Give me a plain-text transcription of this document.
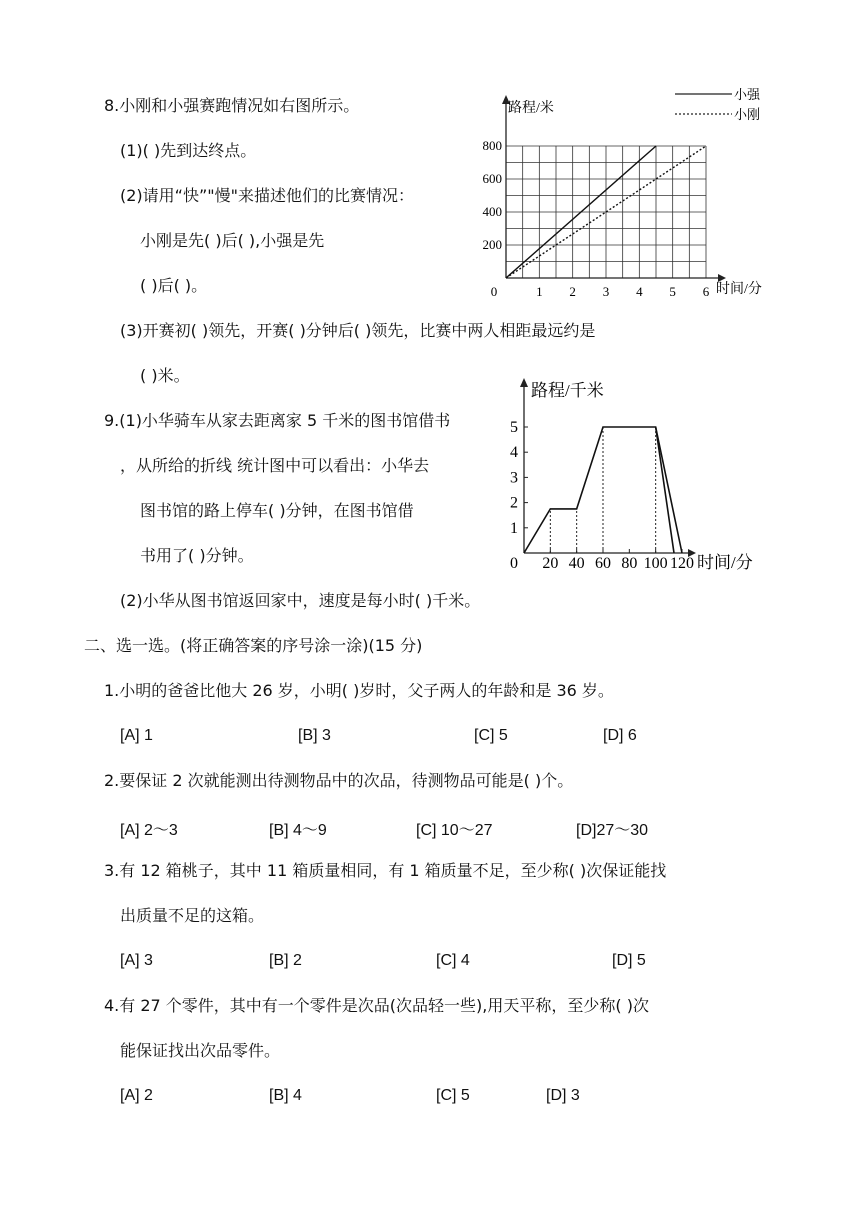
8.小刚和小强赛跑情况如右图所示。
(1)( )先到达终点。
(2)请用“快”"慢"来描述他们的比赛情况：
小刚是先( )后( ),小强是先
( )后( )。
(3)开赛初( )领先，开赛( )分钟后( )领先，比赛中两人相距最远约是
( )米。
路程/米
时间/分
0	1 2 3 4 5 6
200
400
600
800
小强
小刚
9.(1)小华骑车从家去距离家 5 千米的图书馆借书
，从所给的折线 统计图中可以看出：小华去
图书馆的路上停车( )分钟，在图书馆借
书用了( )分钟。
(2)小华从图书馆返回家中，速度是每小时( )千米。
路程/千米
时间/分
0 20 40 60 80 100 120
1
2
3
4
5
二、选一选。(将正确答案的序号涂一涂)(15 分)
1.小明的爸爸比他大 26 岁，小明( )岁时，父子两人的年龄和是 36 岁。
[A] 1	[B] 3	[C] 5	[D] 6
2.要保证 2 次就能测出待测物品中的次品，待测物品可能是( )个。
[A] 2～3	[B] 4～9	[C] 10～27	[D]27～30
3.有 12 箱桃子，其中 11 箱质量相同，有 1 箱质量不足，至少称( )次保证能找
出质量不足的这箱。
[A] 3	[B] 2	[C] 4	[D] 5
4.有 27 个零件，其中有一个零件是次品(次品轻一些),用天平称，至少称( )次
能保证找出次品零件。
[A] 2	[B] 4	[C] 5	[D] 3
